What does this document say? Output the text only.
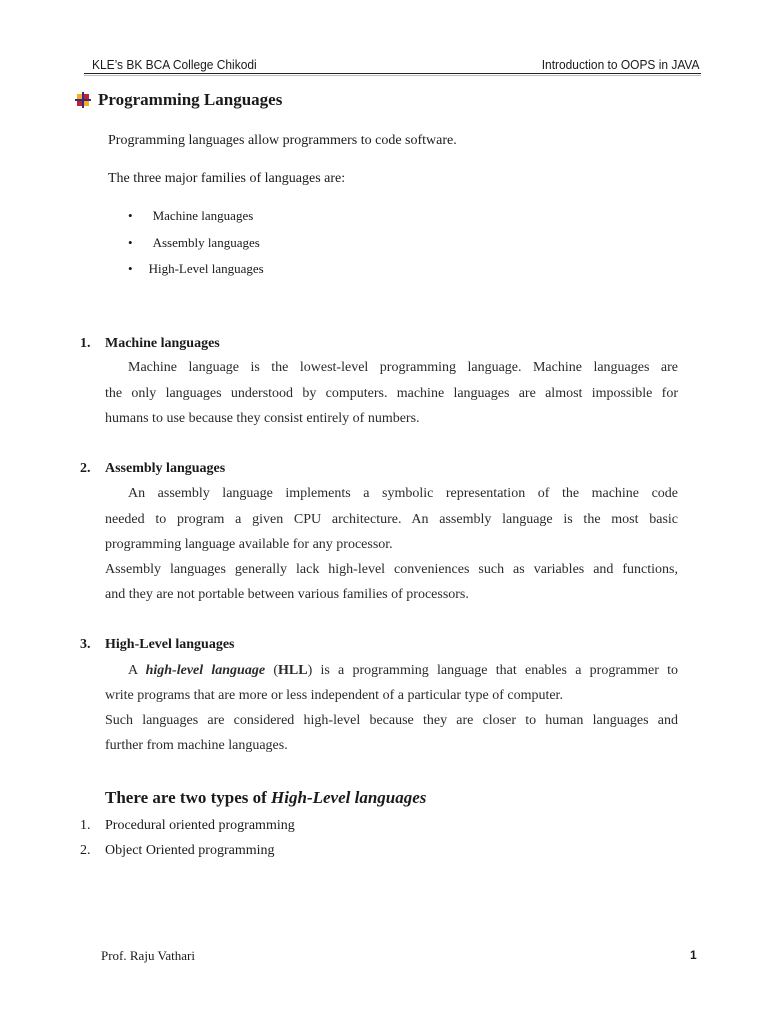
KLE’s BK BCA College Chikodi	Introduction to OOPS in JAVA
Programming Languages
Programming languages allow programmers to code software.
The three major families of languages are:
• Machine languages
• Assembly languages
• High-Level languages
1. Machine languages
Machine language is the lowest-level programming language. Machine languages are
the only languages understood by computers. machine languages are almost impossible for
humans to use because they consist entirely of numbers.
2. Assembly languages
An assembly language implements a symbolic representation of the machine code
needed to program a given CPU architecture. An assembly language is the most basic
programming language available for any processor.
Assembly languages generally lack high-level conveniences such as variables and functions,
and they are not portable between various families of processors.
3. High-Level languages
A high-level language (HLL) is a programming language that enables a programmer to
write programs that are more or less independent of a particular type of computer.
Such languages are considered high-level because they are closer to human languages and
further from machine languages.
There are two types of High-Level languages
1. Procedural oriented programming
2. Object Oriented programming
Prof. Raju Vathari	1
